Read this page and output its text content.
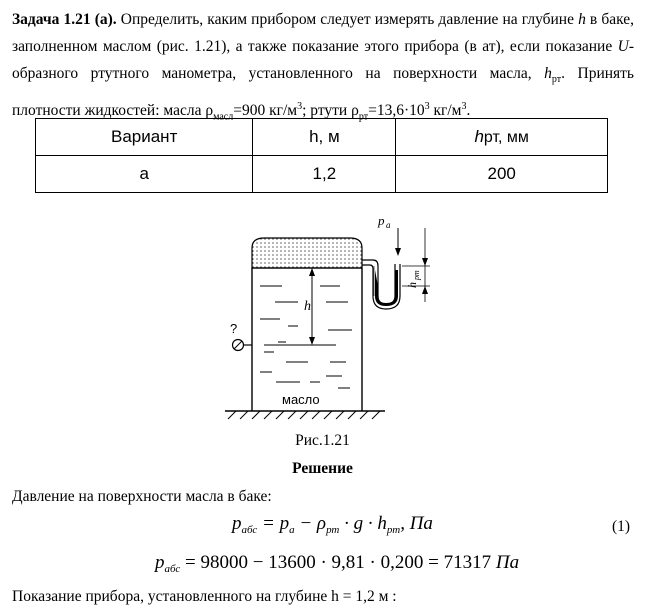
Задача 1.21 (а). Определить, каким прибором следует измерять давление на глубине h в баке, заполненном маслом (рис. 1.21), а также показание этого прибора (в ат), если показание U-образного ртутного манометра, установленного на поверхности масла, $h_{рт}$. Принять плотности жидкостей: масла $\rho_{масл}=900$ $кг/м^3$; ртути $\rho_{рт}=13,6\cdot 10^3$ $кг/м^3$.
Вариант	h, м	hрт, мм
а	1,2	200
h
?
p a
h
рт
масло
Рис.1.21
Решение
Давление на поверхности масла в баке:
$p_{абс} = p_a - \rho_{рт} \cdot g \cdot h_{рт}$, Па	(1)
$p_{абс} = 98000 - 13600 \cdot 9,81 \cdot 0,200 = 71317$ Па
Показание прибора, установленного на глубине h = 1,2 м :
